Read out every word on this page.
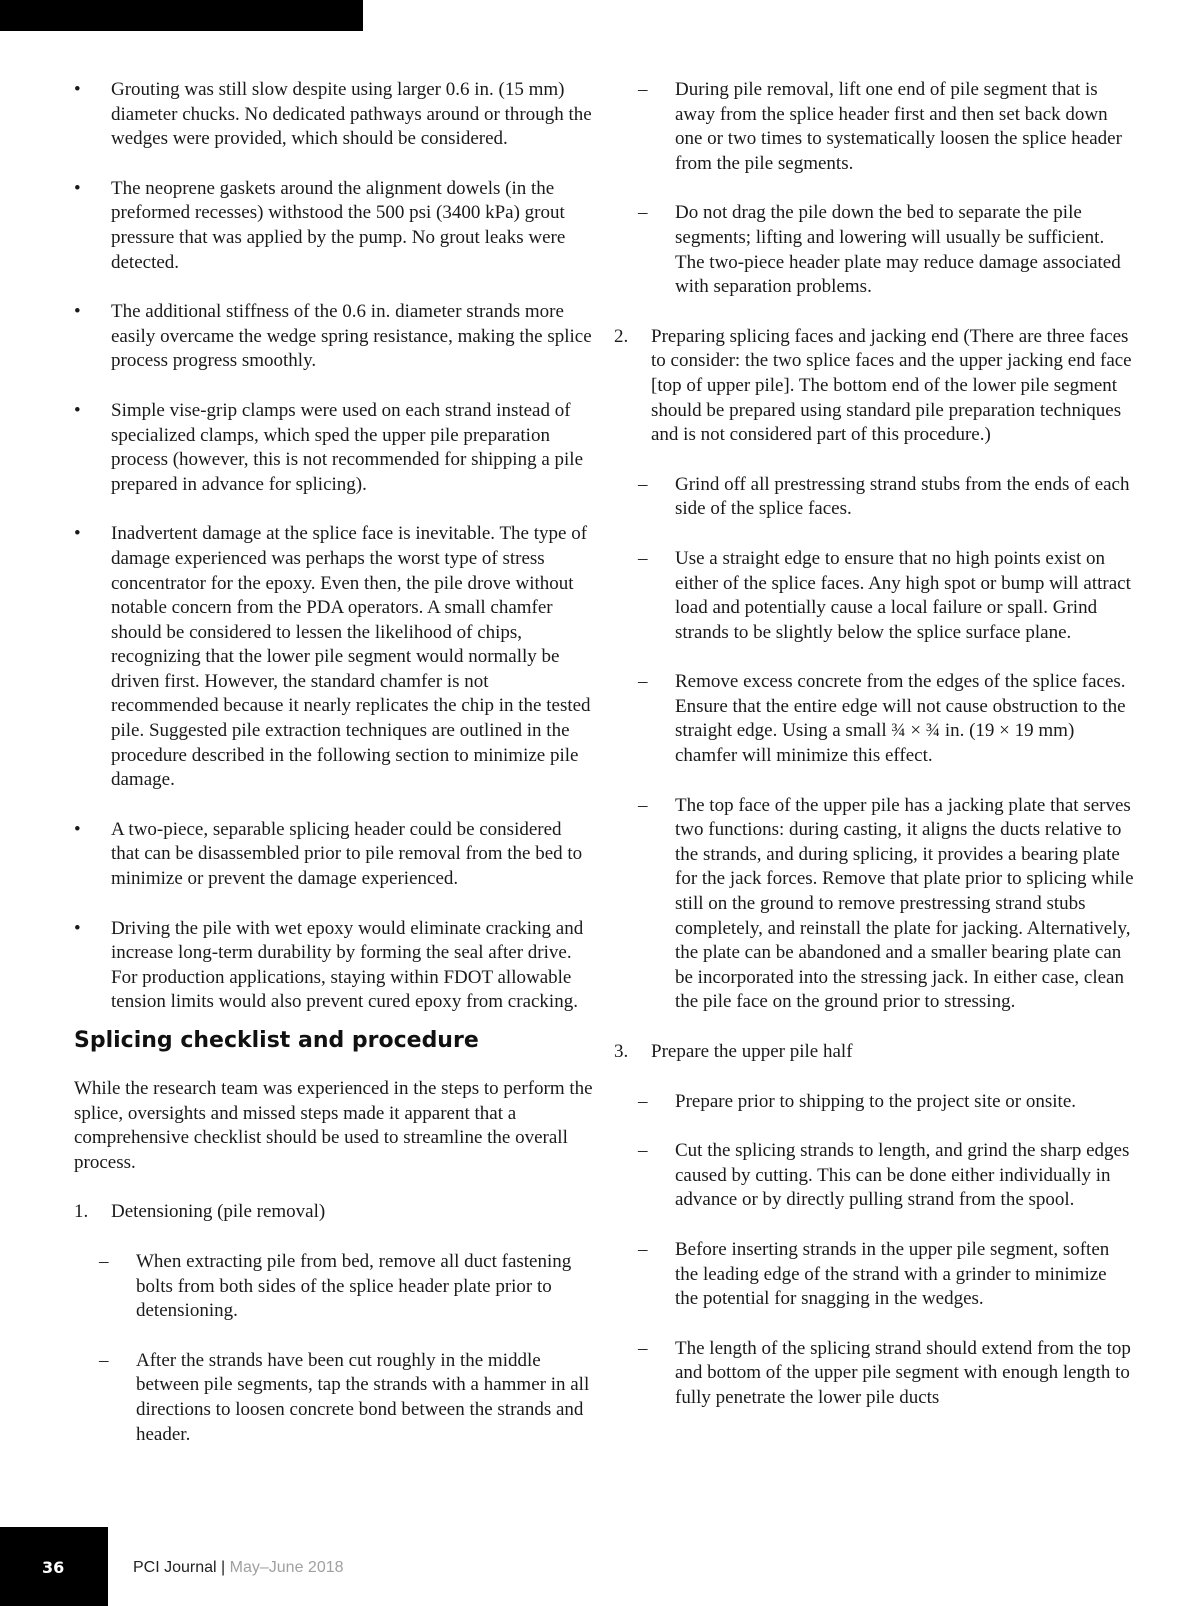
• Grouting was still slow despite using larger 0.6 in. (15 mm) diameter chucks. No dedicated pathways around or through the wedges were provided, which should be considered.

• The neoprene gaskets around the alignment dowels (in the preformed recesses) withstood the 500 psi (3400 kPa) grout pressure that was applied by the pump. No grout leaks were detected.

• The additional stiffness of the 0.6 in. diameter strands more easily overcame the wedge spring resistance, making the splice process progress smoothly.

• Simple vise-grip clamps were used on each strand instead of specialized clamps, which sped the upper pile preparation process (however, this is not recommended for shipping a pile prepared in advance for splicing).

• Inadvertent damage at the splice face is inevitable. The type of damage experienced was perhaps the worst type of stress concentrator for the epoxy. Even then, the pile drove without notable concern from the PDA operators. A small chamfer should be considered to lessen the likelihood of chips, recognizing that the lower pile segment would normally be driven first. However, the standard chamfer is not recommended because it nearly replicates the chip in the tested pile. Suggested pile extraction techniques are outlined in the procedure described in the following section to minimize pile damage.

• A two-piece, separable splicing header could be considered that can be disassembled prior to pile removal from the bed to minimize or prevent the damage experienced.

• Driving the pile with wet epoxy would eliminate cracking and increase long-term durability by forming the seal after drive. For production applications, staying within FDOT allowable tension limits would also prevent cured epoxy from cracking.

Splicing checklist and procedure

While the research team was experienced in the steps to perform the splice, oversights and missed steps made it apparent that a comprehensive checklist should be used to streamline the overall process.

1. Detensioning (pile removal)

– When extracting pile from bed, remove all duct fastening bolts from both sides of the splice header plate prior to detensioning.

– After the strands have been cut roughly in the middle between pile segments, tap the strands with a hammer in all directions to loosen concrete bond between the strands and header.

– During pile removal, lift one end of pile segment that is away from the splice header first and then set back down one or two times to systematically loosen the splice header from the pile segments.

– Do not drag the pile down the bed to separate the pile segments; lifting and lowering will usually be sufficient. The two-piece header plate may reduce damage associated with separation problems.

2. Preparing splicing faces and jacking end (There are three faces to consider: the two splice faces and the upper jacking end face [top of upper pile]. The bottom end of the lower pile segment should be prepared using standard pile preparation techniques and is not considered part of this procedure.)

– Grind off all prestressing strand stubs from the ends of each side of the splice faces.

– Use a straight edge to ensure that no high points exist on either of the splice faces. Any high spot or bump will attract load and potentially cause a local failure or spall. Grind strands to be slightly below the splice surface plane.

– Remove excess concrete from the edges of the splice faces. Ensure that the entire edge will not cause obstruction to the straight edge. Using a small ¾ × ¾ in. (19 × 19 mm) chamfer will minimize this effect.

– The top face of the upper pile has a jacking plate that serves two functions: during casting, it aligns the ducts relative to the strands, and during splicing, it provides a bearing plate for the jack forces. Remove that plate prior to splicing while still on the ground to remove prestressing strand stubs completely, and reinstall the plate for jacking. Alternatively, the plate can be abandoned and a smaller bearing plate can be incorporated into the stressing jack. In either case, clean the pile face on the ground prior to stressing.

3. Prepare the upper pile half

– Prepare prior to shipping to the project site or onsite.

– Cut the splicing strands to length, and grind the sharp edges caused by cutting. This can be done either individually in advance or by directly pulling strand from the spool.

– Before inserting strands in the upper pile segment, soften the leading edge of the strand with a grinder to minimize the potential for snagging in the wedges.

– The length of the splicing strand should extend from the top and bottom of the upper pile segment with enough length to fully penetrate the lower pile ducts

36	PCI Journal | May–June 2018
